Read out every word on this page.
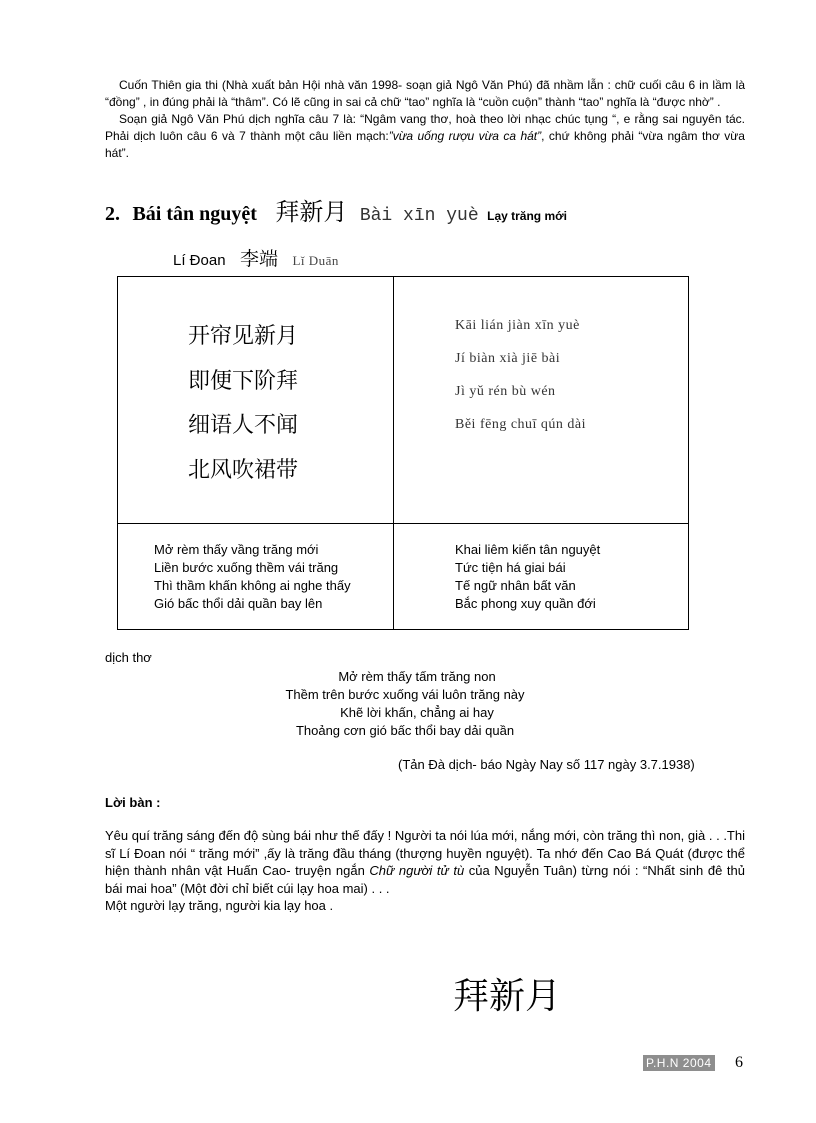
Cuốn Thiên gia thi (Nhà xuất bản Hội nhà văn 1998- soạn giả Ngô Văn Phú) đã nhầm lẫn : chữ cuối câu 6 in lầm là “đồng” , in đúng phải là “thâm”. Có lẽ cũng in sai cả chữ “tao” nghĩa là “cuồn cuộn” thành “tao” nghĩa là “được nhờ” .

Soạn giả Ngô Văn Phú dịch nghĩa câu 7 là: “Ngâm vang thơ, hoà theo lời nhạc chúc tụng “, e rằng sai nguyên tác. Phải dịch luôn câu 6 và 7 thành một câu liền mạch:”vừa uống rượu vừa ca hát”, chứ không phải “vừa ngâm thơ vừa hát”.

2. Bái tân nguyệt 拜新月 Bài xīn yuè Lạy trăng mới
Lí Đoan 李端 Lǐ Duān
开帘见新月
即便下阶拜
细语人不闻
北风吹裙带
Kāi lián jiàn xīn yuè
Jí biàn xià jiē bài
Jì yǔ rén bù wén
Běi fēng chuī qún dài
Mở rèm thấy vầng trăng mới
Liền bước xuống thềm vái trăng
Thì thầm khấn không ai nghe thấy
Gió bấc thổi dải quần bay lên
Khai liêm kiến tân nguyệt
Tức tiện há giai bái
Tế ngữ nhân bất văn
Bắc phong xuy quần đới
dịch thơ
Mở rèm thấy tấm trăng non
Thềm trên bước xuống vái luôn trăng này
Khẽ lời khấn, chẳng ai hay
Thoảng cơn gió bấc thổi bay dải quần
(Tản Đà dịch- báo Ngày Nay số 117 ngày 3.7.1938)
Lời bàn :
Yêu quí trăng sáng đến độ sùng bái như thế đấy ! Người ta nói lúa mới, nắng mới, còn trăng thì non, già . . .Thi sĩ Lí Đoan nói “ trăng mới” ,ấy là trăng đầu tháng (thượng huyền nguyệt). Ta nhớ đến Cao Bá Quát (được thể hiện thành nhân vật Huấn Cao- truyện ngắn Chữ người tử tù của Nguyễn Tuân) từng nói : “Nhất sinh đê thủ bái mai hoa” (Một đời chỉ biết cúi lạy hoa mai) . . .
Một người lạy trăng, người kia lạy hoa .
拜新月
P.H.N 2004 6
